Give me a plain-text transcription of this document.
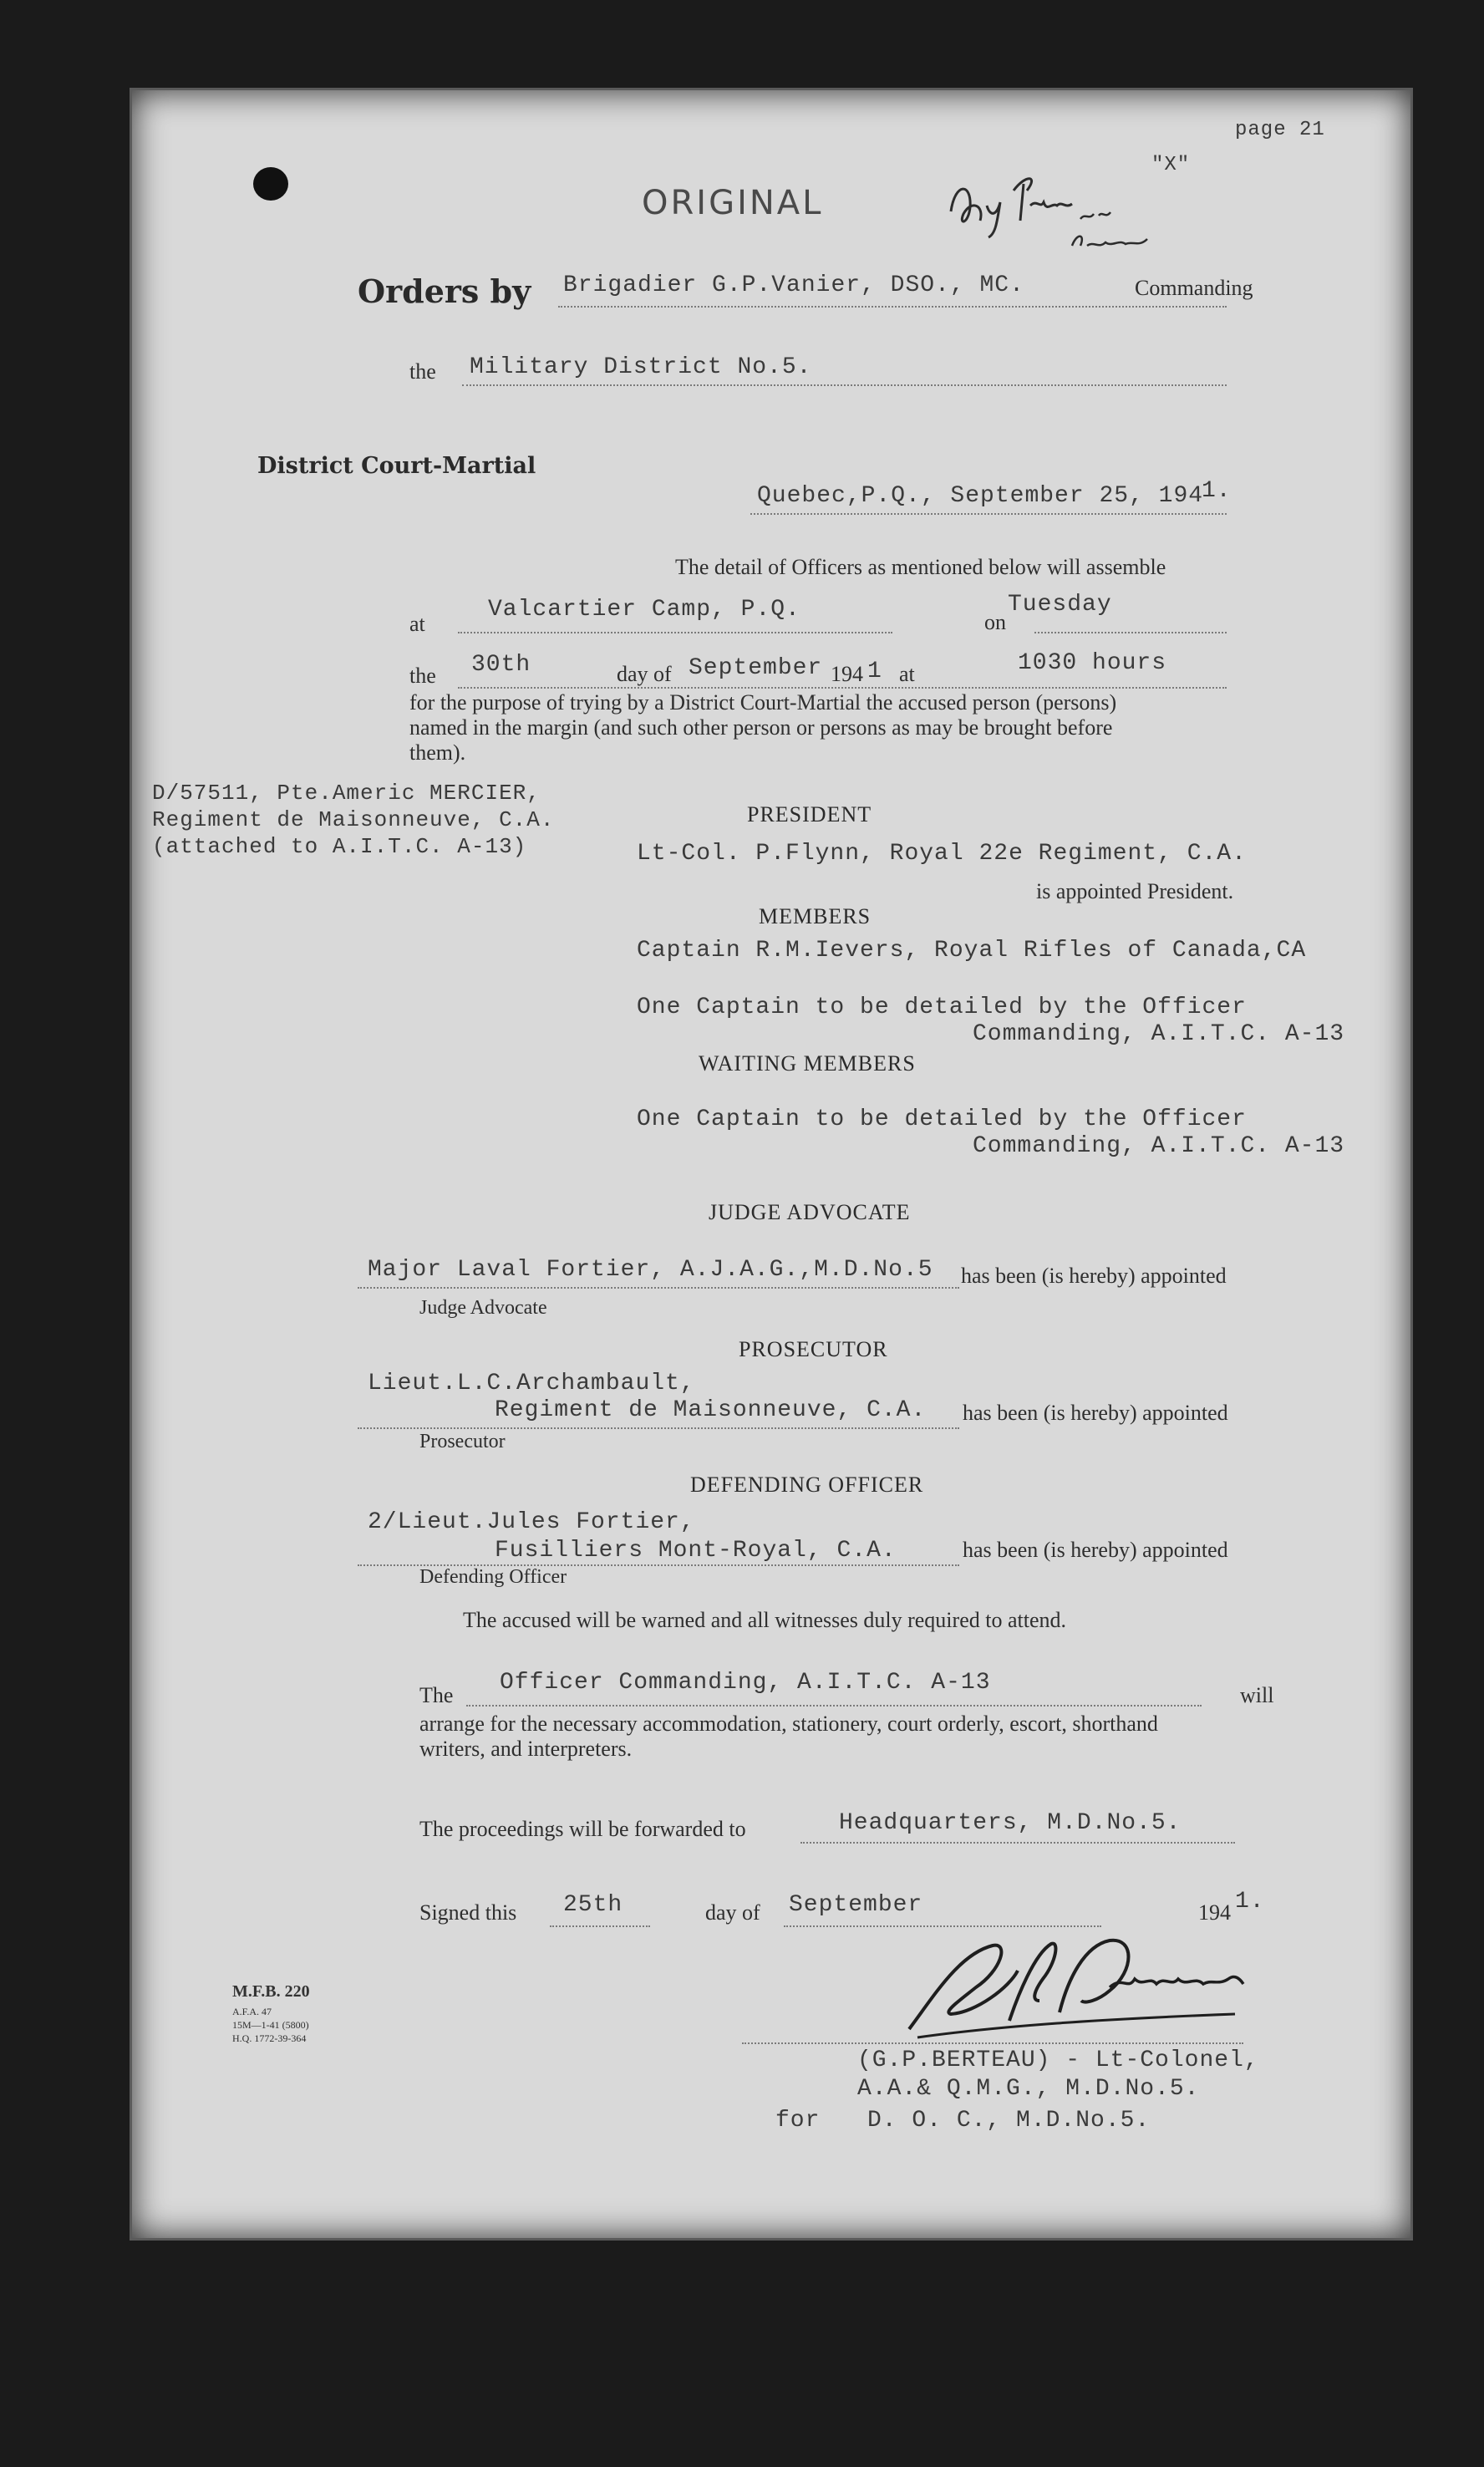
page 21
"X"
ORIGINAL
Orders by Brigadier G.P.Vanier, DSO., MC.	Commanding
the Military District No.5.
District Court-Martial
Quebec,P.Q., September 25, 194
1.
The detail of Officers as mentioned below will assemble
at
Valcartier Camp, P.Q.	on
Tuesday
the 30th	day of September 194 1 at	1030 hours
for the purpose of trying by a District Court-Martial the accused person (persons)
named in the margin (and such other person or persons as may be brought before
them).
D/57511, Pte.Americ MERCIER,
Regiment de Maisonneuve, C.A.
(attached to A.I.T.C. A-13)
PRESIDENT
Lt-Col. P.Flynn, Royal 22e Regiment, C.A.
is appointed President.
MEMBERS
Captain R.M.Ievers, Royal Rifles of Canada,CA
One Captain to be detailed by the Officer
Commanding, A.I.T.C. A-13
WAITING MEMBERS
One Captain to be detailed by the Officer
Commanding, A.I.T.C. A-13
JUDGE ADVOCATE
Major Laval Fortier, A.J.A.G.,M.D.No.5 has been (is hereby) appointed
Judge Advocate
PROSECUTOR
Lieut.L.C.Archambault,
Regiment de Maisonneuve, C.A. has been (is hereby) appointed
Prosecutor
DEFENDING OFFICER
2/Lieut.Jules Fortier,
Fusilliers Mont-Royal, C.A.	has been (is hereby) appointed
Defending Officer
The accused will be warned and all witnesses duly required to attend.
The Officer Commanding, A.I.T.C. A-13	will
arrange for the necessary accommodation, stationery, court orderly, escort, shorthand
writers, and interpreters.
The proceedings will be forwarded to	Headquarters, M.D.No.5.
Signed this 25th	day of September	194 1.
M.F.B. 220
A.F.A. 47
15M—1-41 (5800)
H.Q. 1772-39-364
(G.P.BERTEAU) - Lt-Colonel,
A.A.& Q.M.G., M.D.No.5.
for D. O. C., M.D.No.5.
